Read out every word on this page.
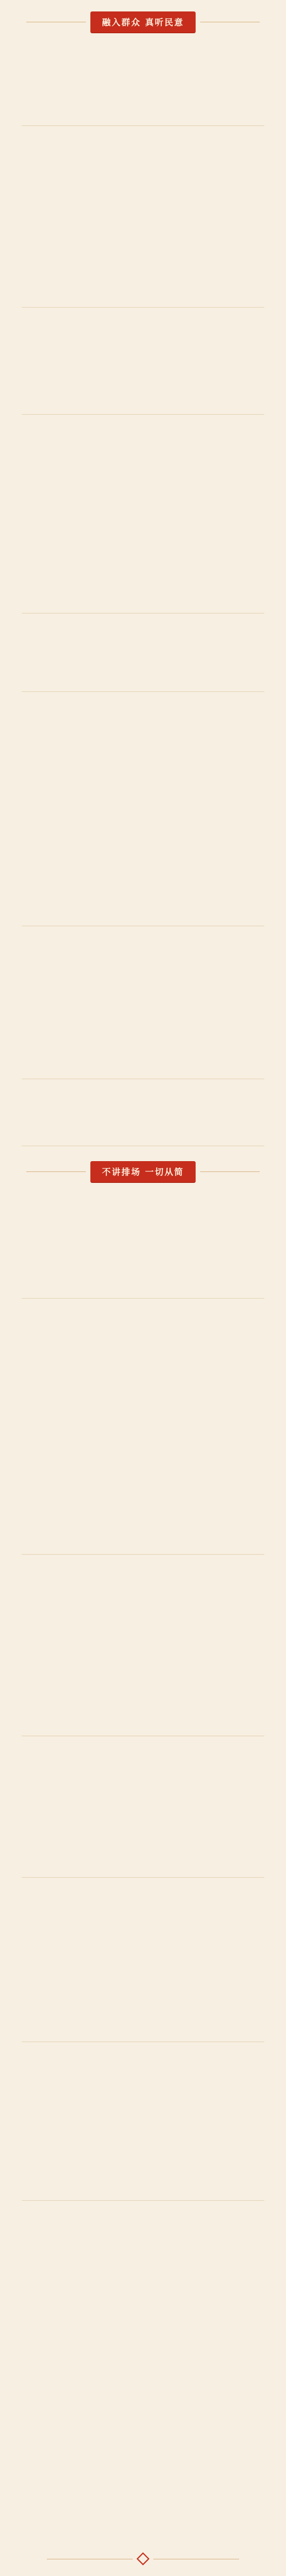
融入群众 真听民意

不讲排场 一切从简
